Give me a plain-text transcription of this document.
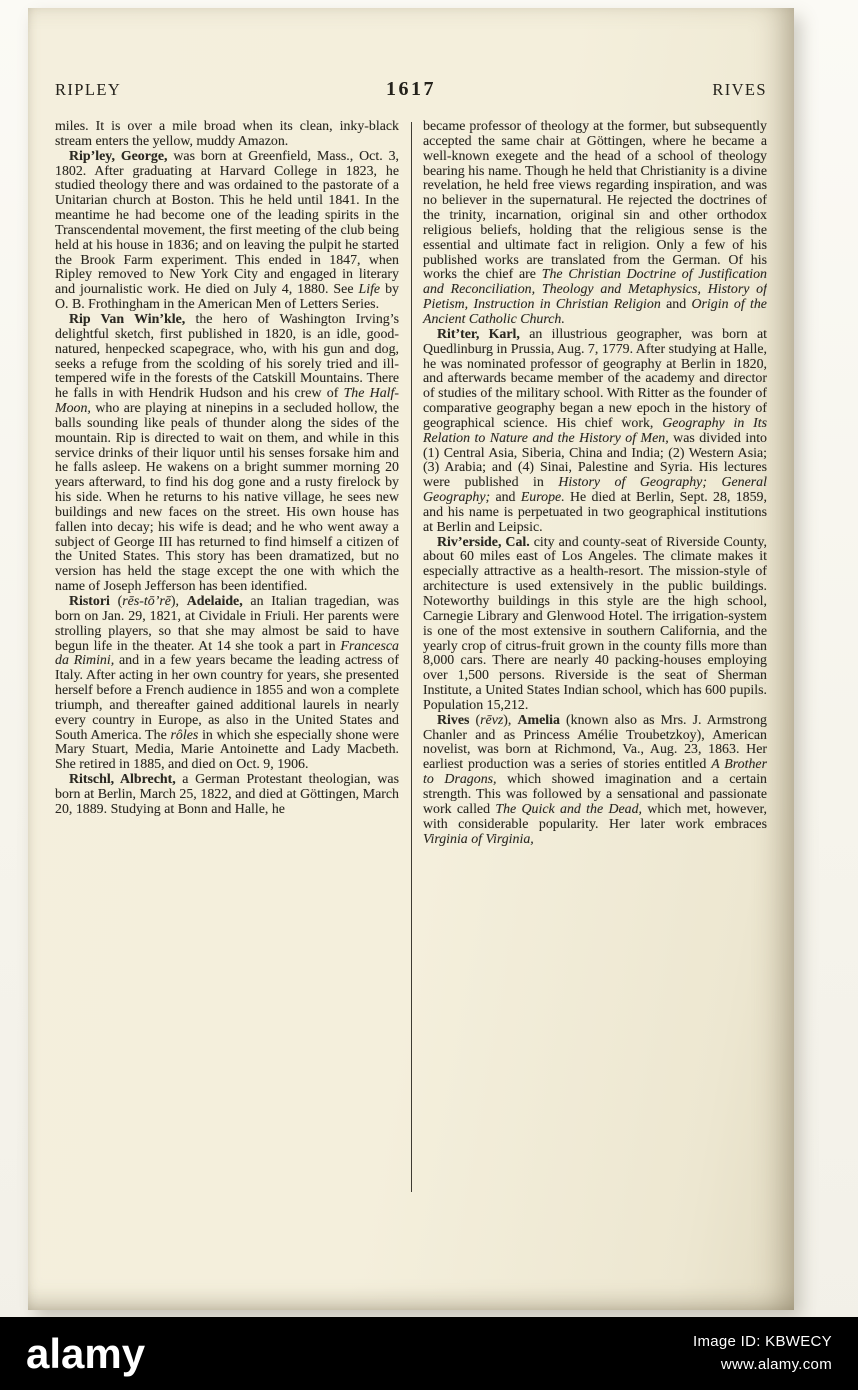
RIPLEY	1617	RIVES

miles. It is over a mile broad when its clean, inky-black stream enters the yellow, muddy Amazon.

Rip’ley, George, was born at Greenfield, Mass., Oct. 3, 1802. After graduating at Harvard College in 1823, he studied theology there and was ordained to the pastorate of a Unitarian church at Boston. This he held until 1841. In the meantime he had become one of the leading spirits in the Transcendental movement, the first meeting of the club being held at his house in 1836; and on leaving the pulpit he started the Brook Farm experiment. This ended in 1847, when Ripley removed to New York City and engaged in literary and journalistic work. He died on July 4, 1880. See Life by O. B. Frothingham in the American Men of Letters Series.

Rip Van Win’kle, the hero of Washington Irving’s delightful sketch, first published in 1820, is an idle, good-natured, henpecked scapegrace, who, with his gun and dog, seeks a refuge from the scolding of his sorely tried and ill-tempered wife in the forests of the Catskill Mountains. There he falls in with Hendrik Hudson and his crew of The Half-Moon, who are playing at ninepins in a secluded hollow, the balls sounding like peals of thunder along the sides of the mountain. Rip is directed to wait on them, and while in this service drinks of their liquor until his senses forsake him and he falls asleep. He wakens on a bright summer morning 20 years afterward, to find his dog gone and a rusty firelock by his side. When he returns to his native village, he sees new buildings and new faces on the street. His own house has fallen into decay; his wife is dead; and he who went away a subject of George III has returned to find himself a citizen of the United States. This story has been dramatized, but no version has held the stage except the one with which the name of Joseph Jefferson has been identified.

Ristori (rēs-tō’rē), Adelaide, an Italian tragedian, was born on Jan. 29, 1821, at Cividale in Friuli. Her parents were strolling players, so that she may almost be said to have begun life in the theater. At 14 she took a part in Francesca da Rimini, and in a few years became the leading actress of Italy. After acting in her own country for years, she presented herself before a French audience in 1855 and won a complete triumph, and thereafter gained additional laurels in nearly every country in Europe, as also in the United States and South America. The rôles in which she especially shone were Mary Stuart, Media, Marie Antoinette and Lady Macbeth. She retired in 1885, and died on Oct. 9, 1906.

Ritschl, Albrecht, a German Protestant theologian, was born at Berlin, March 25, 1822, and died at Göttingen, March 20, 1889. Studying at Bonn and Halle, he

became professor of theology at the former, but subsequently accepted the same chair at Göttingen, where he became a well-known exegete and the head of a school of theology bearing his name. Though he held that Christianity is a divine revelation, he held free views regarding inspiration, and was no believer in the supernatural. He rejected the doctrines of the trinity, incarnation, original sin and other orthodox religious beliefs, holding that the religious sense is the essential and ultimate fact in religion. Only a few of his published works are translated from the German. Of his works the chief are The Christian Doctrine of Justification and Reconciliation, Theology and Metaphysics, History of Pietism, Instruction in Christian Religion and Origin of the Ancient Catholic Church.

Rit’ter, Karl, an illustrious geographer, was born at Quedlinburg in Prussia, Aug. 7, 1779. After studying at Halle, he was nominated professor of geography at Berlin in 1820, and afterwards became member of the academy and director of studies of the military school. With Ritter as the founder of comparative geography began a new epoch in the history of geographical science. His chief work, Geography in Its Relation to Nature and the History of Men, was divided into (1) Central Asia, Siberia, China and India; (2) Western Asia; (3) Arabia; and (4) Sinai, Palestine and Syria. His lectures were published in History of Geography; General Geography; and Europe. He died at Berlin, Sept. 28, 1859, and his name is perpetuated in two geographical institutions at Berlin and Leipsic.

Riv’erside, Cal. city and county-seat of Riverside County, about 60 miles east of Los Angeles. The climate makes it especially attractive as a health-resort. The mission-style of architecture is used extensively in the public buildings. Noteworthy buildings in this style are the high school, Carnegie Library and Glenwood Hotel. The irrigation-system is one of the most extensive in southern California, and the yearly crop of citrus-fruit grown in the county fills more than 8,000 cars. There are nearly 40 packing-houses employing over 1,500 persons. Riverside is the seat of Sherman Institute, a United States Indian school, which has 600 pupils. Population 15,212.

Rives (rēvz), Amelia (known also as Mrs. J. Armstrong Chanler and as Princess Amélie Troubetzkoy), American novelist, was born at Richmond, Va., Aug. 23, 1863. Her earliest production was a series of stories entitled A Brother to Dragons, which showed imagination and a certain strength. This was followed by a sensational and passionate work called The Quick and the Dead, which met, however, with considerable popularity. Her later work embraces Virginia of Virginia,

alamy	Image ID: KBWECY
www.alamy.com
